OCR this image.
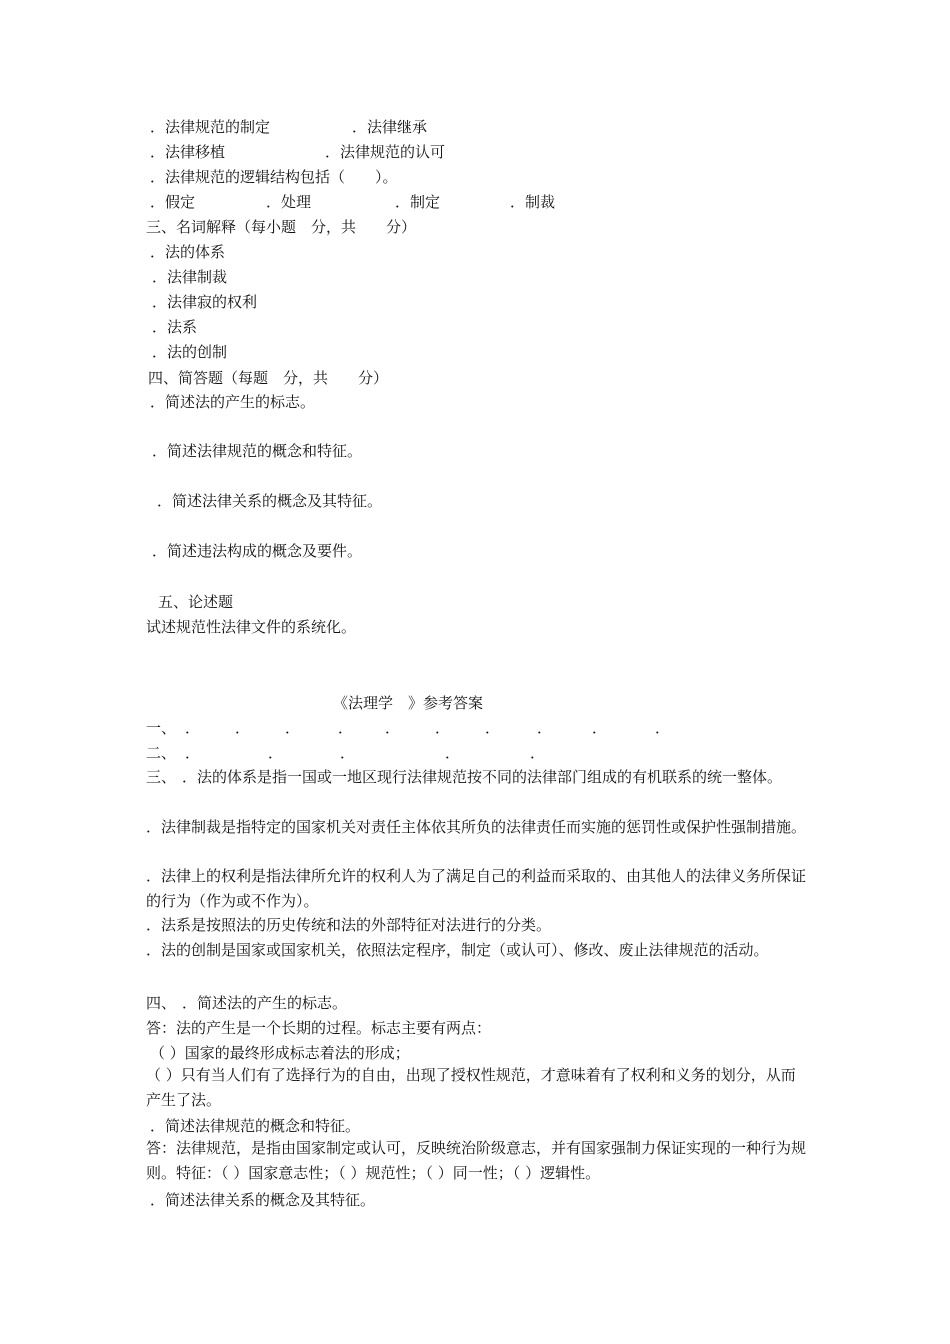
．法律规范的制定	．法律继承
．法律移植	．法律规范的认可
．法律规范的逻辑结构包括（　　）。
．假定	．处理	．制定	．制裁
三、名词解释（每小题　分，共　　分）
．法的体系
．法律制裁
．法律寂的权利
．法系
．法的创制
四、简答题（每题　分，共　　分）
．简述法的产生的标志。
．简述法律规范的概念和特征。
．简述法律关系的概念及其特征。
．简述违法构成的概念及要件。
五、论述题
试述规范性法律文件的系统化。
《法理学　》参考答案
一、 ． ． ．	． ． ． ． ．	．	．
二、 ．	．	．	．	．
三、 ．法的体系是指一国或一地区现行法律规范按不同的法律部门组成的有机联系的统一整体。
．法律制裁是指特定的国家机关对责任主体依其所负的法律责任而实施的惩罚性或保护性强制措施。
．法律上的权利是指法律所允许的权利人为了满足自己的利益而采取的、由其他人的法律义务所保证的行为（作为或不作为）。
．法系是按照法的历史传统和法的外部特征对法进行的分类。
．法的创制是国家或国家机关，依照法定程序，制定（或认可）、修改、废止法律规范的活动。
四、 ．简述法的产生的标志。
答：法的产生是一个长期的过程。标志主要有两点：
（ ）国家的最终形成标志着法的形成；
（ ）只有当人们有了选择行为的自由，出现了授权性规范，才意味着有了权利和义务的划分，从而产生了法。
．简述法律规范的概念和特征。
答：法律规范，是指由国家制定或认可，反映统治阶级意志，并有国家强制力保证实现的一种行为规则。特征：（ ）国家意志性；（ ）规范性；（ ）同一性；（ ）逻辑性。
．简述法律关系的概念及其特征。
